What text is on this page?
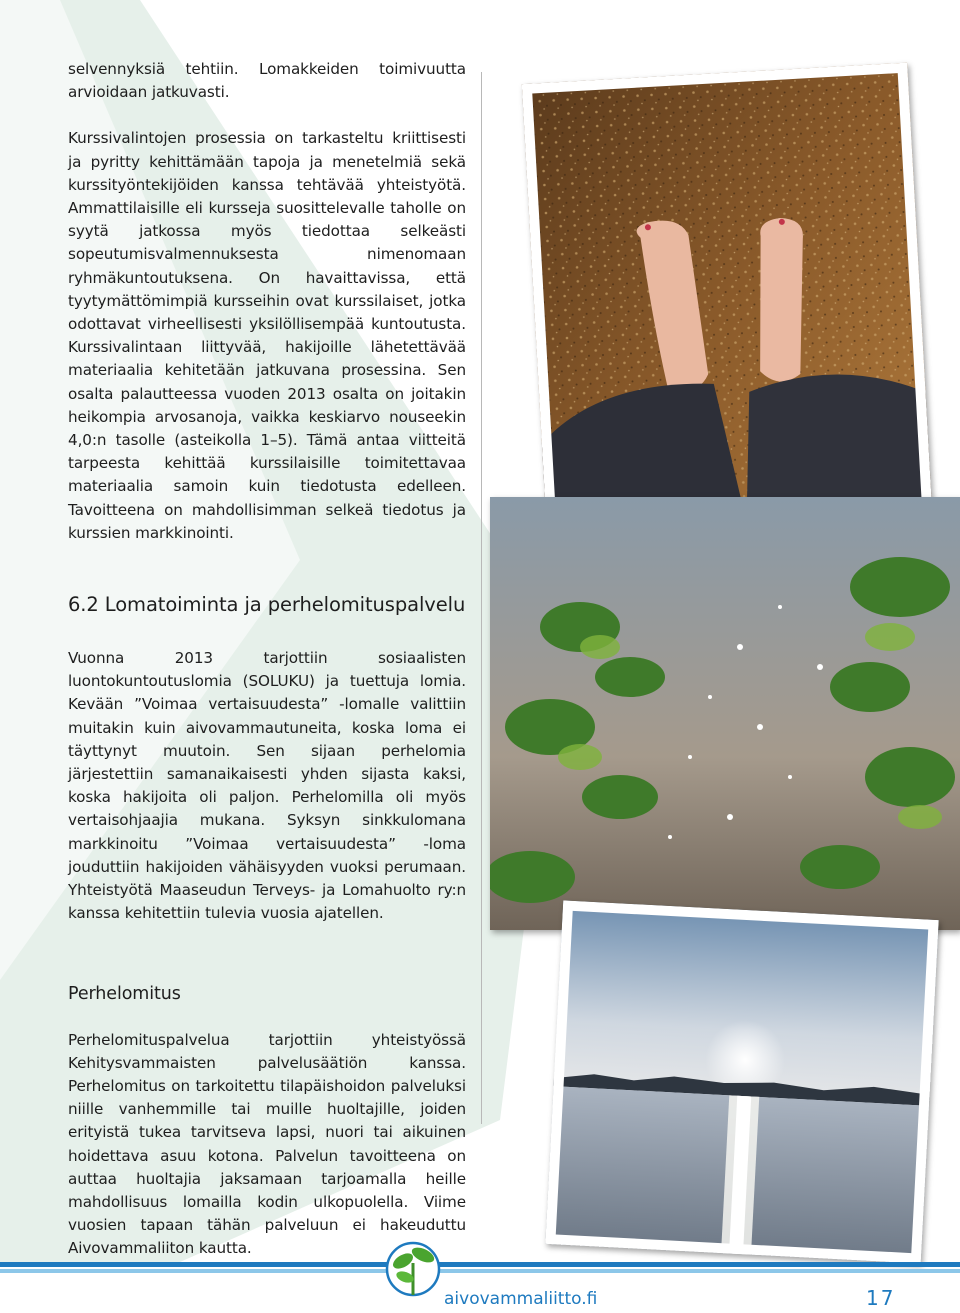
selvennyksiä tehtiin. Lomakkeiden toimivuutta arvioidaan jatkuvasti.

Kurssivalintojen prosessia on tarkasteltu kriittisesti ja pyritty kehittämään tapoja ja menetelmiä sekä kurssityöntekijöiden kanssa tehtävää yhteistyötä. Ammattilaisille eli kursseja suosittelevalle taholle on syytä jatkossa myös tiedottaa selkeästi sopeutumisvalmennuksesta nimenomaan ryhmäkuntoutuksena. On havaittavissa, että tyytymättömimpiä kursseihin ovat kurssilaiset, jotka odottavat virheellisesti yksilöllisempää kuntoutusta. Kurssivalintaan liittyvää, hakijoille lähetettävää materiaalia kehitetään jatkuvana prosessina. Sen osalta palautteessa vuoden 2013 osalta on joitakin heikompia arvosanoja, vaikka keskiarvo nouseekin 4,0:n tasolle (asteikolla 1–5). Tämä antaa viitteitä tarpeesta kehittää kurssilaisille toimitettavaa materiaalia samoin kuin tiedotusta edelleen. Tavoitteena on mahdollisimman selkeä tiedotus ja kurssien markkinointi.

6.2 Lomatoiminta ja perhelomituspalvelu

Vuonna 2013 tarjottiin sosiaalisten luontokuntoutuslomia (SOLUKU) ja tuettuja lomia. Kevään ”Voimaa vertaisuudesta” -lomalle valittiin muitakin kuin aivovammautuneita, koska loma ei täyttynyt muutoin. Sen sijaan perhelomia järjestettiin samanaikaisesti yhden sijasta kaksi, koska hakijoita oli paljon. Perhelomilla oli myös vertaisohjaajia mukana. Syksyn sinkkulomana markkinoitu ”Voimaa vertaisuudesta” -loma jouduttiin hakijoiden vähäisyyden vuoksi perumaan. Yhteistyötä Maaseudun Terveys- ja Lomahuolto ry:n kanssa kehitettiin tulevia vuosia ajatellen.

Perhelomitus

Perhelomituspalvelua tarjottiin yhteistyössä Kehitysvammaisten palvelusäätiön kanssa. Perhelomitus on tarkoitettu tilapäishoidon palveluksi niille vanhemmille tai muille huoltajille, joiden erityistä tukea tarvitseva lapsi, nuori tai aikuinen hoidettava asuu kotona. Palvelun tavoitteena on auttaa huoltajia jaksamaan tarjoamalla heille mahdollisuus lomailla kodin ulkopuolella. Viime vuosien tapaan tähän palveluun ei hakeuduttu Aivovammaliiton kautta.

aivovammaliitto.fi	17
